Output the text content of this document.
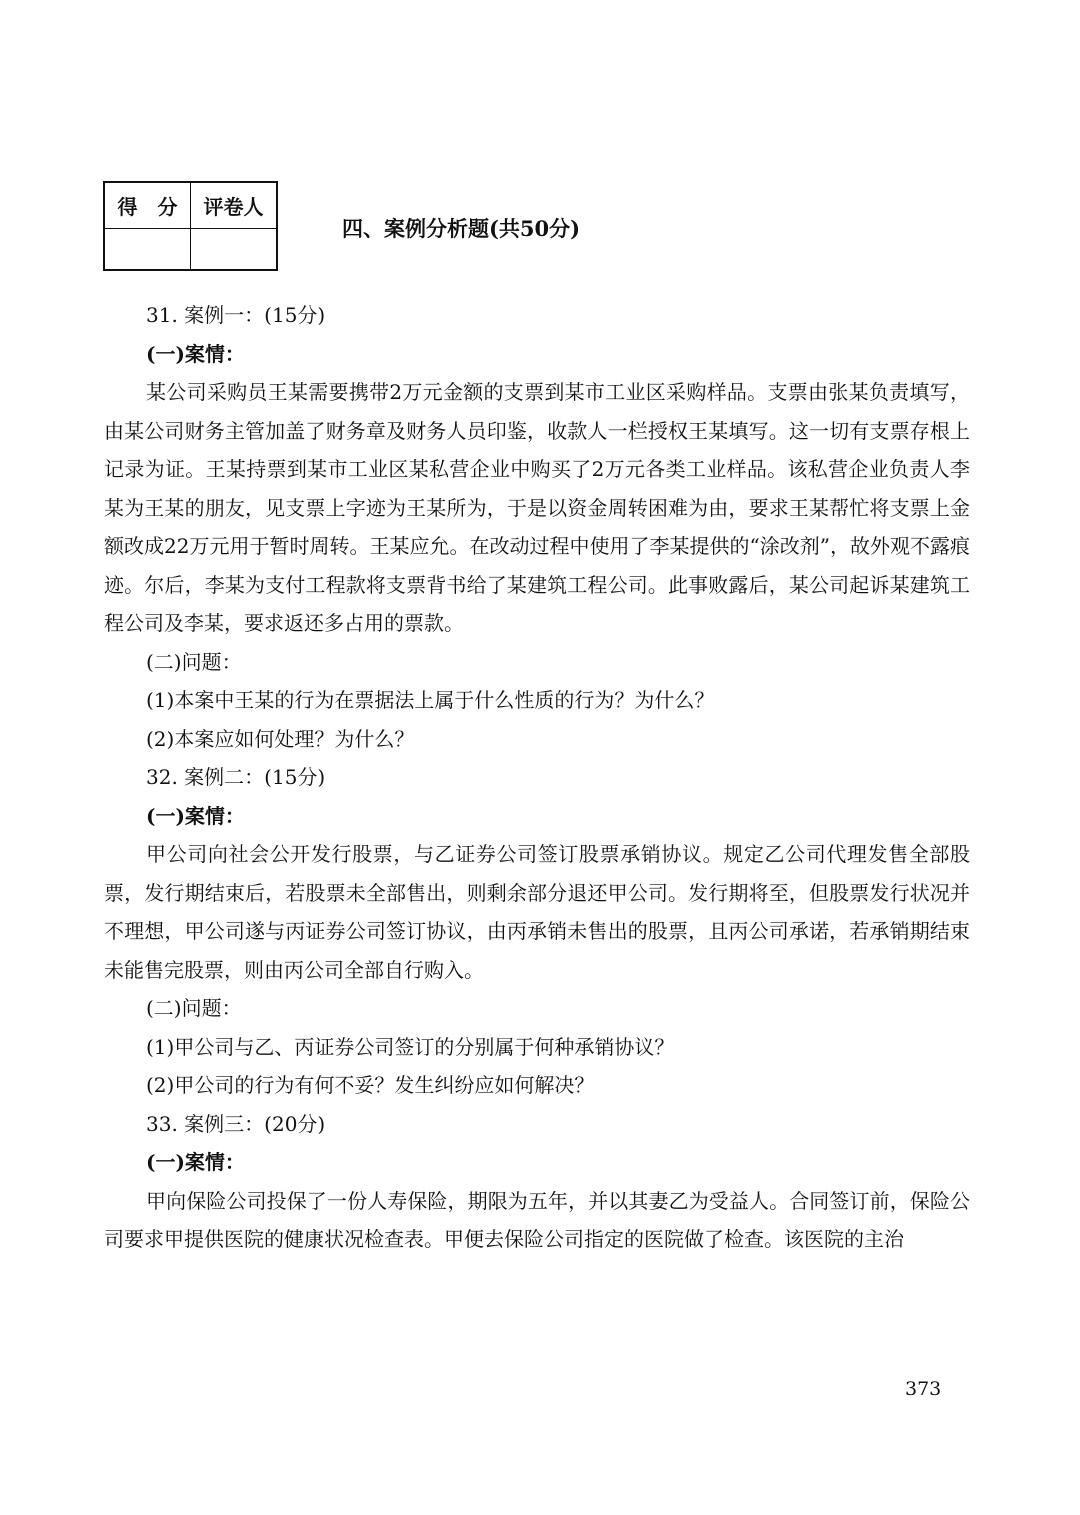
得　分	评卷人

四、案例分析题(共50分)

31. 案例一：(15分)

(一)案情：

某公司采购员王某需要携带2万元金额的支票到某市工业区采购样品。支票由张某负责填写，由某公司财务主管加盖了财务章及财务人员印鉴，收款人一栏授权王某填写。这一切有支票存根上记录为证。王某持票到某市工业区某私营企业中购买了2万元各类工业样品。该私营企业负责人李某为王某的朋友，见支票上字迹为王某所为，于是以资金周转困难为由，要求王某帮忙将支票上金额改成22万元用于暂时周转。王某应允。在改动过程中使用了李某提供的“涂改剂”，故外观不露痕迹。尔后，李某为支付工程款将支票背书给了某建筑工程公司。此事败露后，某公司起诉某建筑工程公司及李某，要求返还多占用的票款。

(二)问题：

(1)本案中王某的行为在票据法上属于什么性质的行为？为什么？

(2)本案应如何处理？为什么？

32. 案例二：(15分)

(一)案情：

甲公司向社会公开发行股票，与乙证券公司签订股票承销协议。规定乙公司代理发售全部股票，发行期结束后，若股票未全部售出，则剩余部分退还甲公司。发行期将至，但股票发行状况并不理想，甲公司遂与丙证券公司签订协议，由丙承销未售出的股票，且丙公司承诺，若承销期结束未能售完股票，则由丙公司全部自行购入。

(二)问题：

(1)甲公司与乙、丙证券公司签订的分别属于何种承销协议？

(2)甲公司的行为有何不妥？发生纠纷应如何解决？

33. 案例三：(20分)

(一)案情：

甲向保险公司投保了一份人寿保险，期限为五年，并以其妻乙为受益人。合同签订前，保险公司要求甲提供医院的健康状况检查表。甲便去保险公司指定的医院做了检查。该医院的主治

373
